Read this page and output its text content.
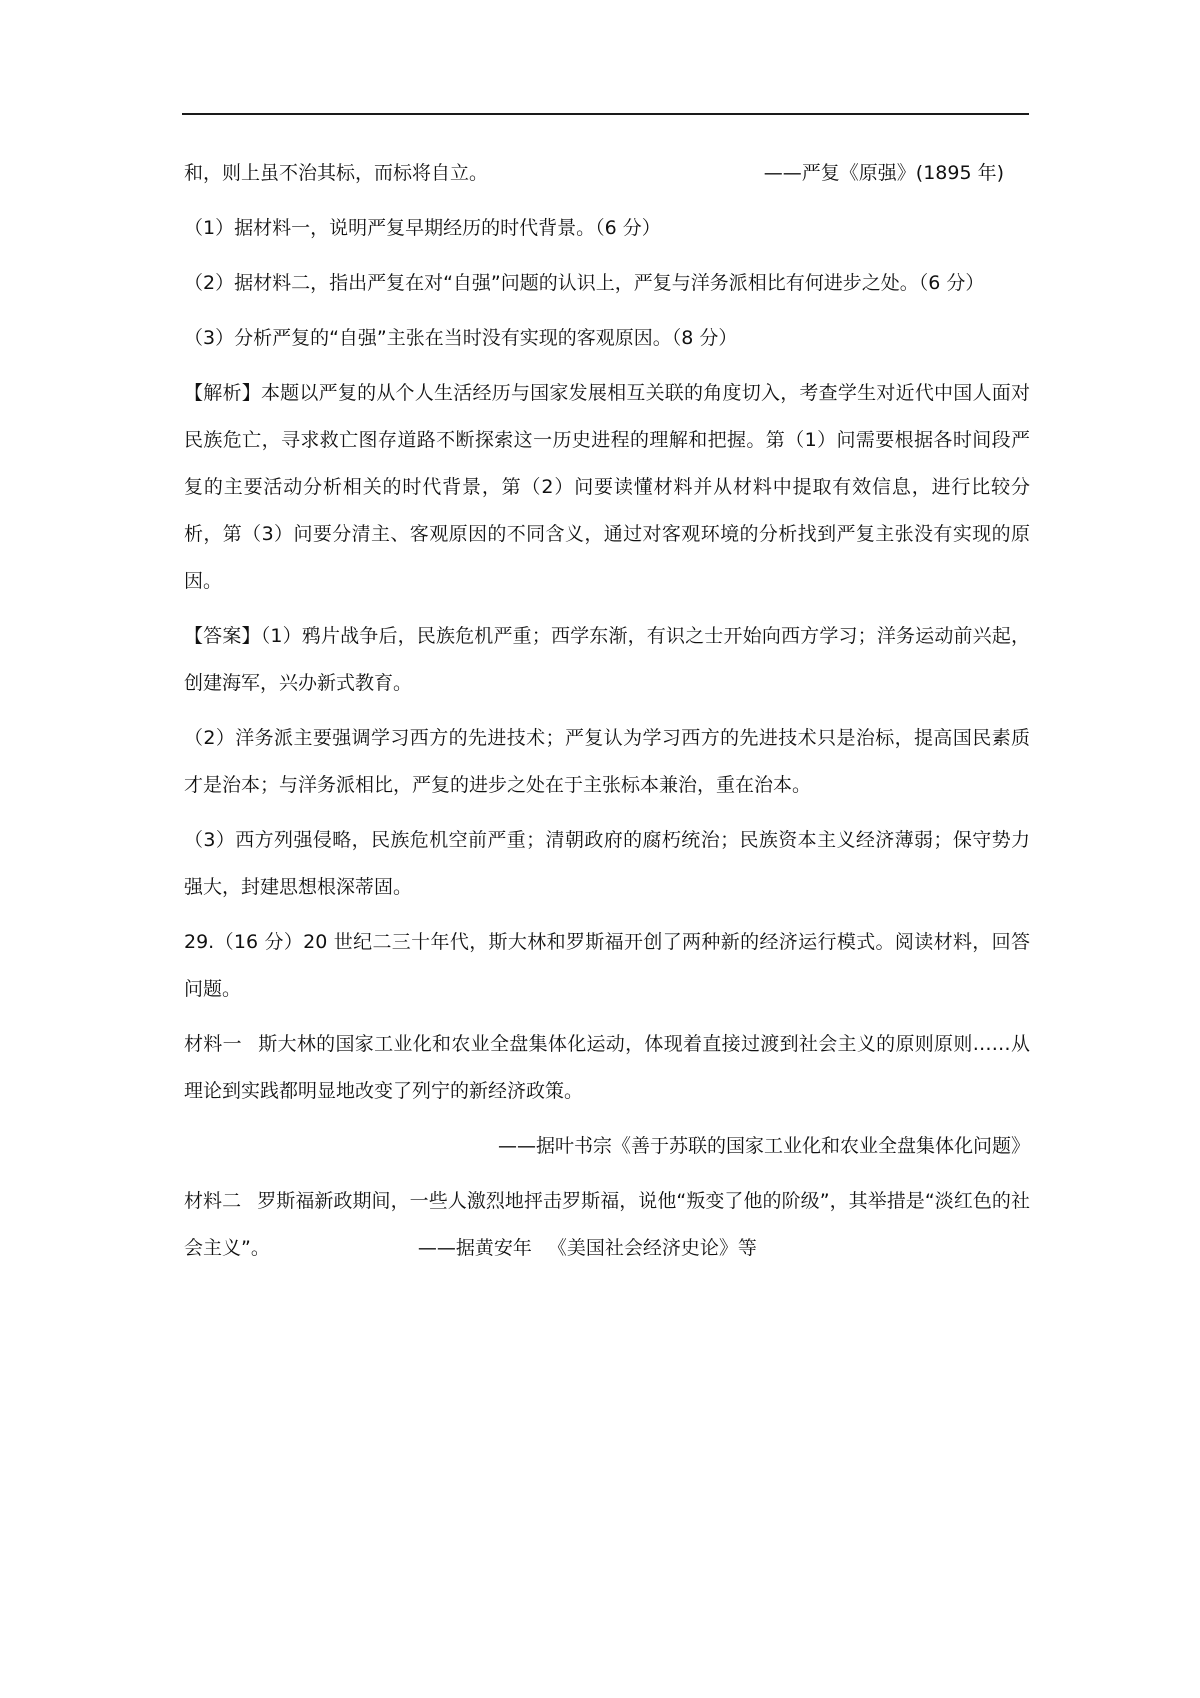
和，则上虽不治其标，而标将自立。	——严复《原强》(1895 年)

（1）据材料一，说明严复早期经历的时代背景。（6 分）

（2）据材料二，指出严复在对“自强”问题的认识上，严复与洋务派相比有何进步之处。（6 分）

（3）分析严复的“自强”主张在当时没有实现的客观原因。（8 分）

【解析】本题以严复的从个人生活经历与国家发展相互关联的角度切入，考查学生对近代中国人面对民族危亡，寻求救亡图存道路不断探索这一历史进程的理解和把握。第（1）问需要根据各时间段严复的主要活动分析相关的时代背景，第（2）问要读懂材料并从材料中提取有效信息，进行比较分析，第（3）问要分清主、客观原因的不同含义，通过对客观环境的分析找到严复主张没有实现的原因。

【答案】（1）鸦片战争后，民族危机严重；西学东渐，有识之士开始向西方学习；洋务运动前兴起，创建海军，兴办新式教育。

（2）洋务派主要强调学习西方的先进技术；严复认为学习西方的先进技术只是治标，提高国民素质才是治本；与洋务派相比，严复的进步之处在于主张标本兼治，重在治本。

（3）西方列强侵略，民族危机空前严重；清朝政府的腐朽统治；民族资本主义经济薄弱；保守势力强大，封建思想根深蒂固。

29.（16 分）20 世纪二三十年代，斯大林和罗斯福开创了两种新的经济运行模式。阅读材料，回答问题。

材料一 斯大林的国家工业化和农业全盘集体化运动，体现着直接过渡到社会主义的原则原则……从理论到实践都明显地改变了列宁的新经济政策。

——据叶书宗《善于苏联的国家工业化和农业全盘集体化问题》

材料二 罗斯福新政期间，一些人激烈地抨击罗斯福，说他“叛变了他的阶级”，其举措是“淡红色的社会主义”。	——据黄安年 《美国社会经济史论》等
